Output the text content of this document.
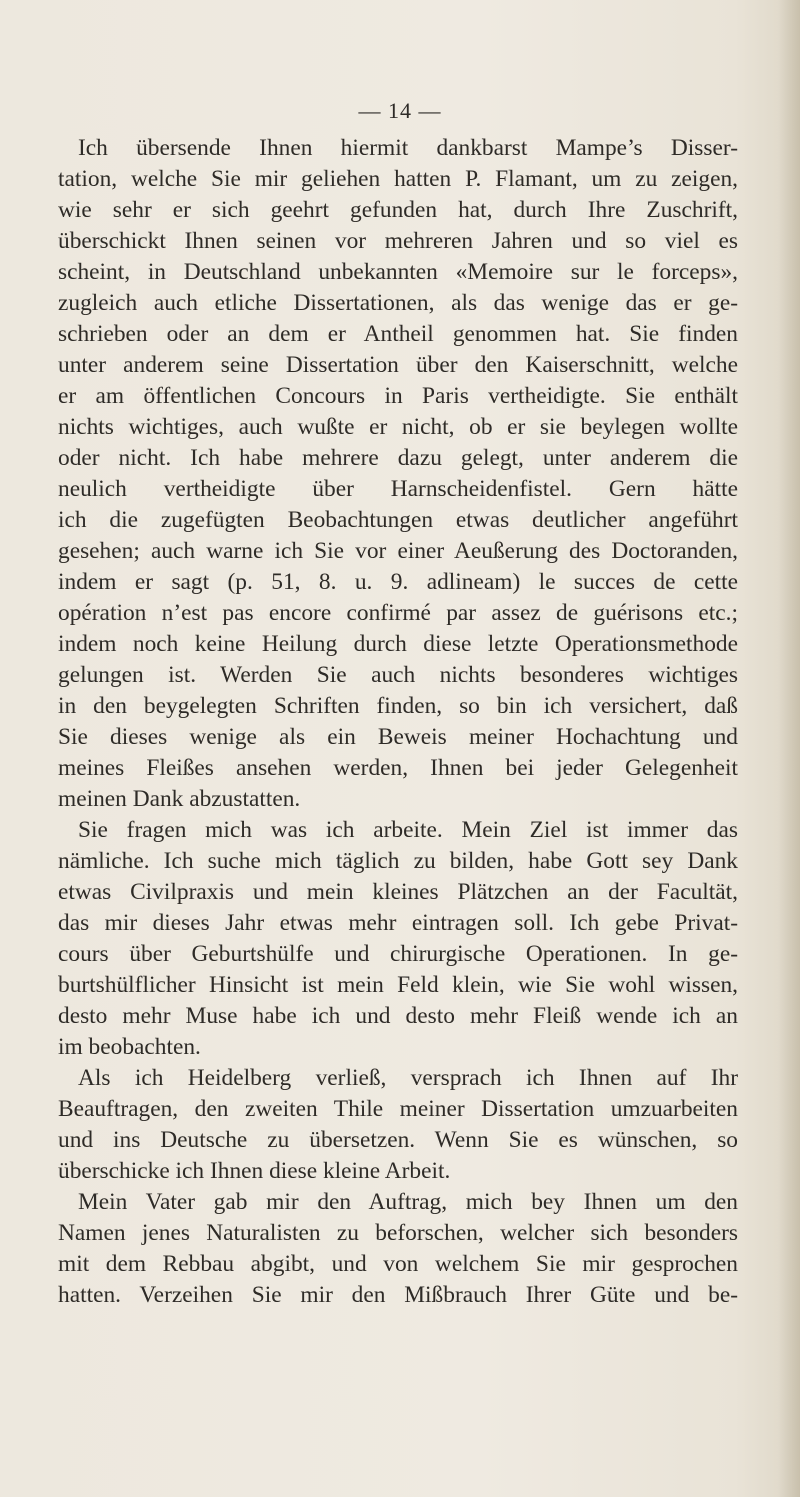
— 14 —
Ich übersende Ihnen hiermit dankbarst Mampe’s Disser-
tation, welche Sie mir geliehen hatten P. Flamant, um zu zeigen,
wie sehr er sich geehrt gefunden hat, durch Ihre Zuschrift,
überschickt Ihnen seinen vor mehreren Jahren und so viel es
scheint, in Deutschland unbekannten «Memoire sur le forceps»,
zugleich auch etliche Dissertationen, als das wenige das er ge-
schrieben oder an dem er Antheil genommen hat. Sie finden
unter anderem seine Dissertation über den Kaiserschnitt, welche
er am öffentlichen Concours in Paris vertheidigte. Sie enthält
nichts wichtiges, auch wußte er nicht, ob er sie beylegen wollte
oder nicht. Ich habe mehrere dazu gelegt, unter anderem die
neulich vertheidigte über Harnscheidenfistel. Gern hätte
ich die zugefügten Beobachtungen etwas deutlicher angeführt
gesehen; auch warne ich Sie vor einer Aeußerung des Doctoranden,
indem er sagt (p. 51, 8. u. 9. adlineam) le succes de cette
opération n’est pas encore confirmé par assez de guérisons etc.;
indem noch keine Heilung durch diese letzte Operationsmethode
gelungen ist. Werden Sie auch nichts besonderes wichtiges
in den beygelegten Schriften finden, so bin ich versichert, daß
Sie dieses wenige als ein Beweis meiner Hochachtung und
meines Fleißes ansehen werden, Ihnen bei jeder Gelegenheit
meinen Dank abzustatten.
Sie fragen mich was ich arbeite. Mein Ziel ist immer das
nämliche. Ich suche mich täglich zu bilden, habe Gott sey Dank
etwas Civilpraxis und mein kleines Plätzchen an der Facultät,
das mir dieses Jahr etwas mehr eintragen soll. Ich gebe Privat-
cours über Geburtshülfe und chirurgische Operationen. In ge-
burtshülflicher Hinsicht ist mein Feld klein, wie Sie wohl wissen,
desto mehr Muse habe ich und desto mehr Fleiß wende ich an
im beobachten.
Als ich Heidelberg verließ, versprach ich Ihnen auf Ihr
Beauftragen, den zweiten Thile meiner Dissertation umzuarbeiten
und ins Deutsche zu übersetzen. Wenn Sie es wünschen, so
überschicke ich Ihnen diese kleine Arbeit.
Mein Vater gab mir den Auftrag, mich bey Ihnen um den
Namen jenes Naturalisten zu beforschen, welcher sich besonders
mit dem Rebbau abgibt, und von welchem Sie mir gesprochen
hatten. Verzeihen Sie mir den Mißbrauch Ihrer Güte und be-
